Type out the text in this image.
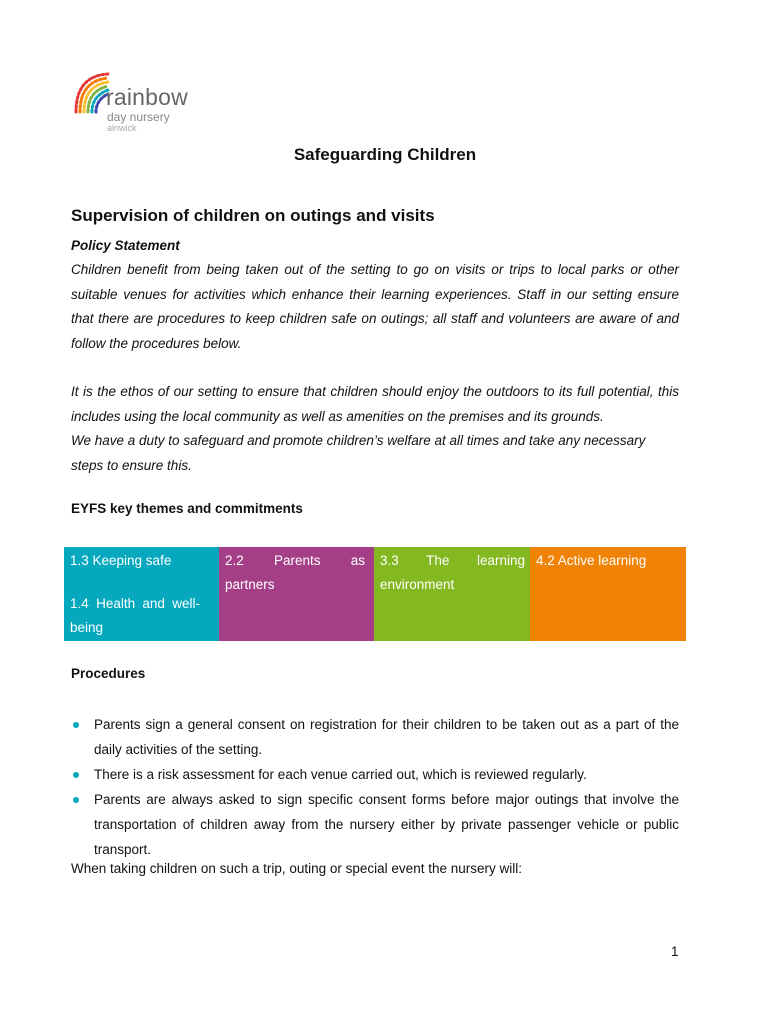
rainbow
day nursery
alnwick
Safeguarding Children
Supervision of children on outings and visits
Policy Statement
Children benefit from being taken out of the setting to go on visits or trips to local parks or other suitable venues for activities which enhance their learning experiences. Staff in our setting ensure that there are procedures to keep children safe on outings; all staff and volunteers are aware of and follow the procedures below.
It is the ethos of our setting to ensure that children should enjoy the outdoors to its full potential, this includes using the local community as well as amenities on the premises and its grounds.
We have a duty to safeguard and promote children’s welfare at all times and take any necessary steps to ensure this.
EYFS key themes and commitments
1.3 Keeping safe
1.4 Health and well-being
2.2 Parents as partners
3.3 The learning environment
4.2 Active learning
Procedures
Parents sign a general consent on registration for their children to be taken out as a part of the daily activities of the setting.
There is a risk assessment for each venue carried out, which is reviewed regularly.
Parents are always asked to sign specific consent forms before major outings that involve the transportation of children away from the nursery either by private passenger vehicle or public transport.
When taking children on such a trip, outing or special event the nursery will:
1
